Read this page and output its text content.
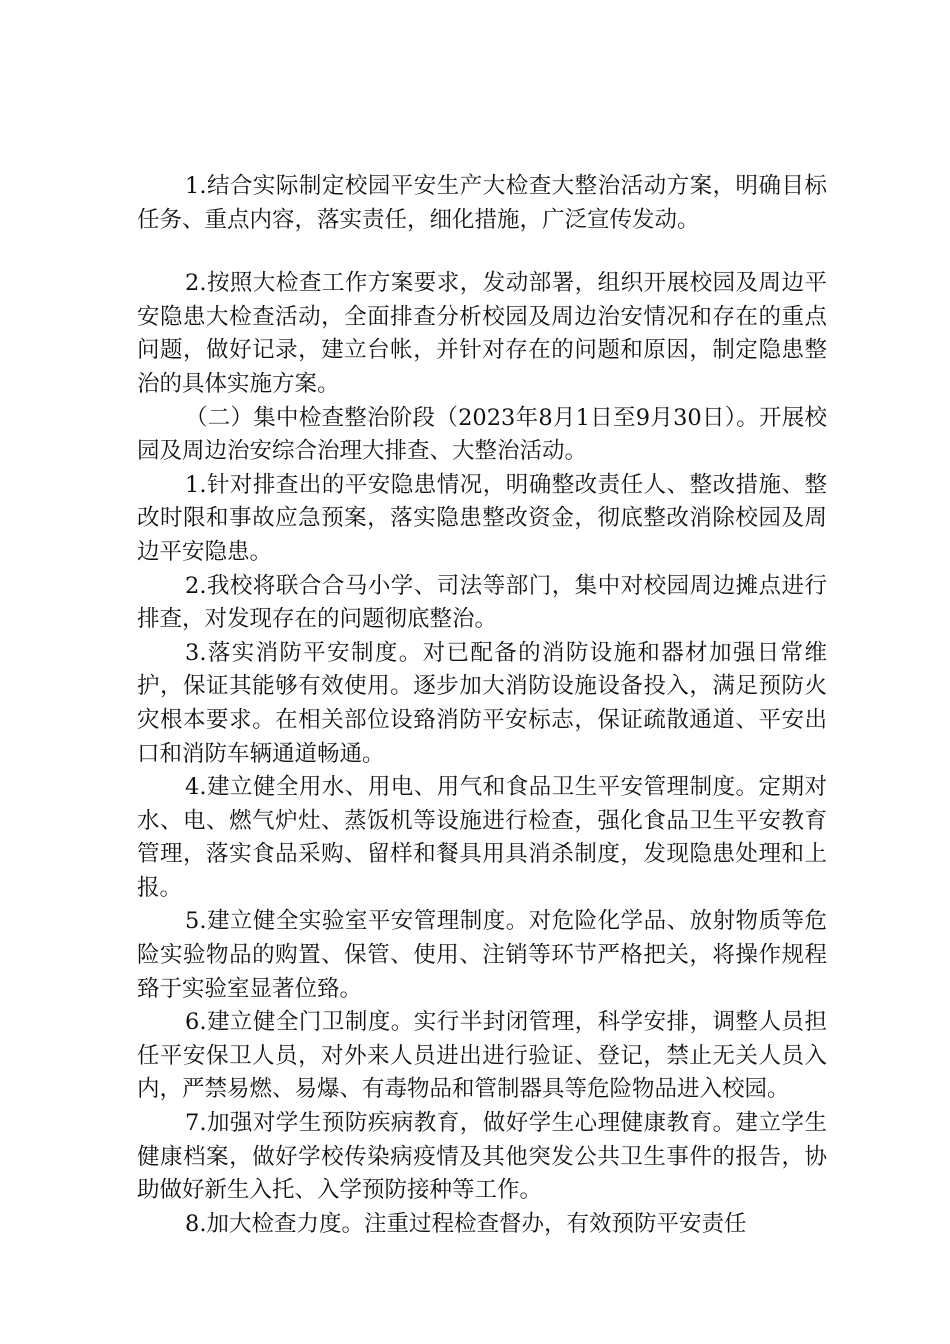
1.结合实际制定校园平安生产大检查大整治活动方案，明确目标任务、重点内容，落实责任，细化措施，广泛宣传发动。

2.按照大检查工作方案要求，发动部署，组织开展校园及周边平安隐患大检查活动，全面排查分析校园及周边治安情况和存在的重点问题，做好记录，建立台帐，并针对存在的问题和原因，制定隐患整治的具体实施方案。

（二）集中检查整治阶段（2023年8月1日至9月30日）。开展校园及周边治安综合治理大排查、大整治活动。

1.针对排查出的平安隐患情况，明确整改责任人、整改措施、整改时限和事故应急预案，落实隐患整改资金，彻底整改消除校园及周边平安隐患。

2.我校将联合合马小学、司法等部门，集中对校园周边摊点进行排查，对发现存在的问题彻底整治。

3.落实消防平安制度。对已配备的消防设施和器材加强日常维护，保证其能够有效使用。逐步加大消防设施设备投入，满足预防火灾根本要求。在相关部位设臵消防平安标志，保证疏散通道、平安出口和消防车辆通道畅通。

4.建立健全用水、用电、用气和食品卫生平安管理制度。定期对水、电、燃气炉灶、蒸饭机等设施进行检查，强化食品卫生平安教育管理，落实食品采购、留样和餐具用具消杀制度，发现隐患处理和上报。

5.建立健全实验室平安管理制度。对危险化学品、放射物质等危险实验物品的购置、保管、使用、注销等环节严格把关，将操作规程臵于实验室显著位臵。

6.建立健全门卫制度。实行半封闭管理，科学安排，调整人员担任平安保卫人员，对外来人员进出进行验证、登记，禁止无关人员入内，严禁易燃、易爆、有毒物品和管制器具等危险物品进入校园。

7.加强对学生预防疾病教育，做好学生心理健康教育。建立学生健康档案，做好学校传染病疫情及其他突发公共卫生事件的报告，协助做好新生入托、入学预防接种等工作。

8.加大检查力度。注重过程检查督办，有效预防平安责任
